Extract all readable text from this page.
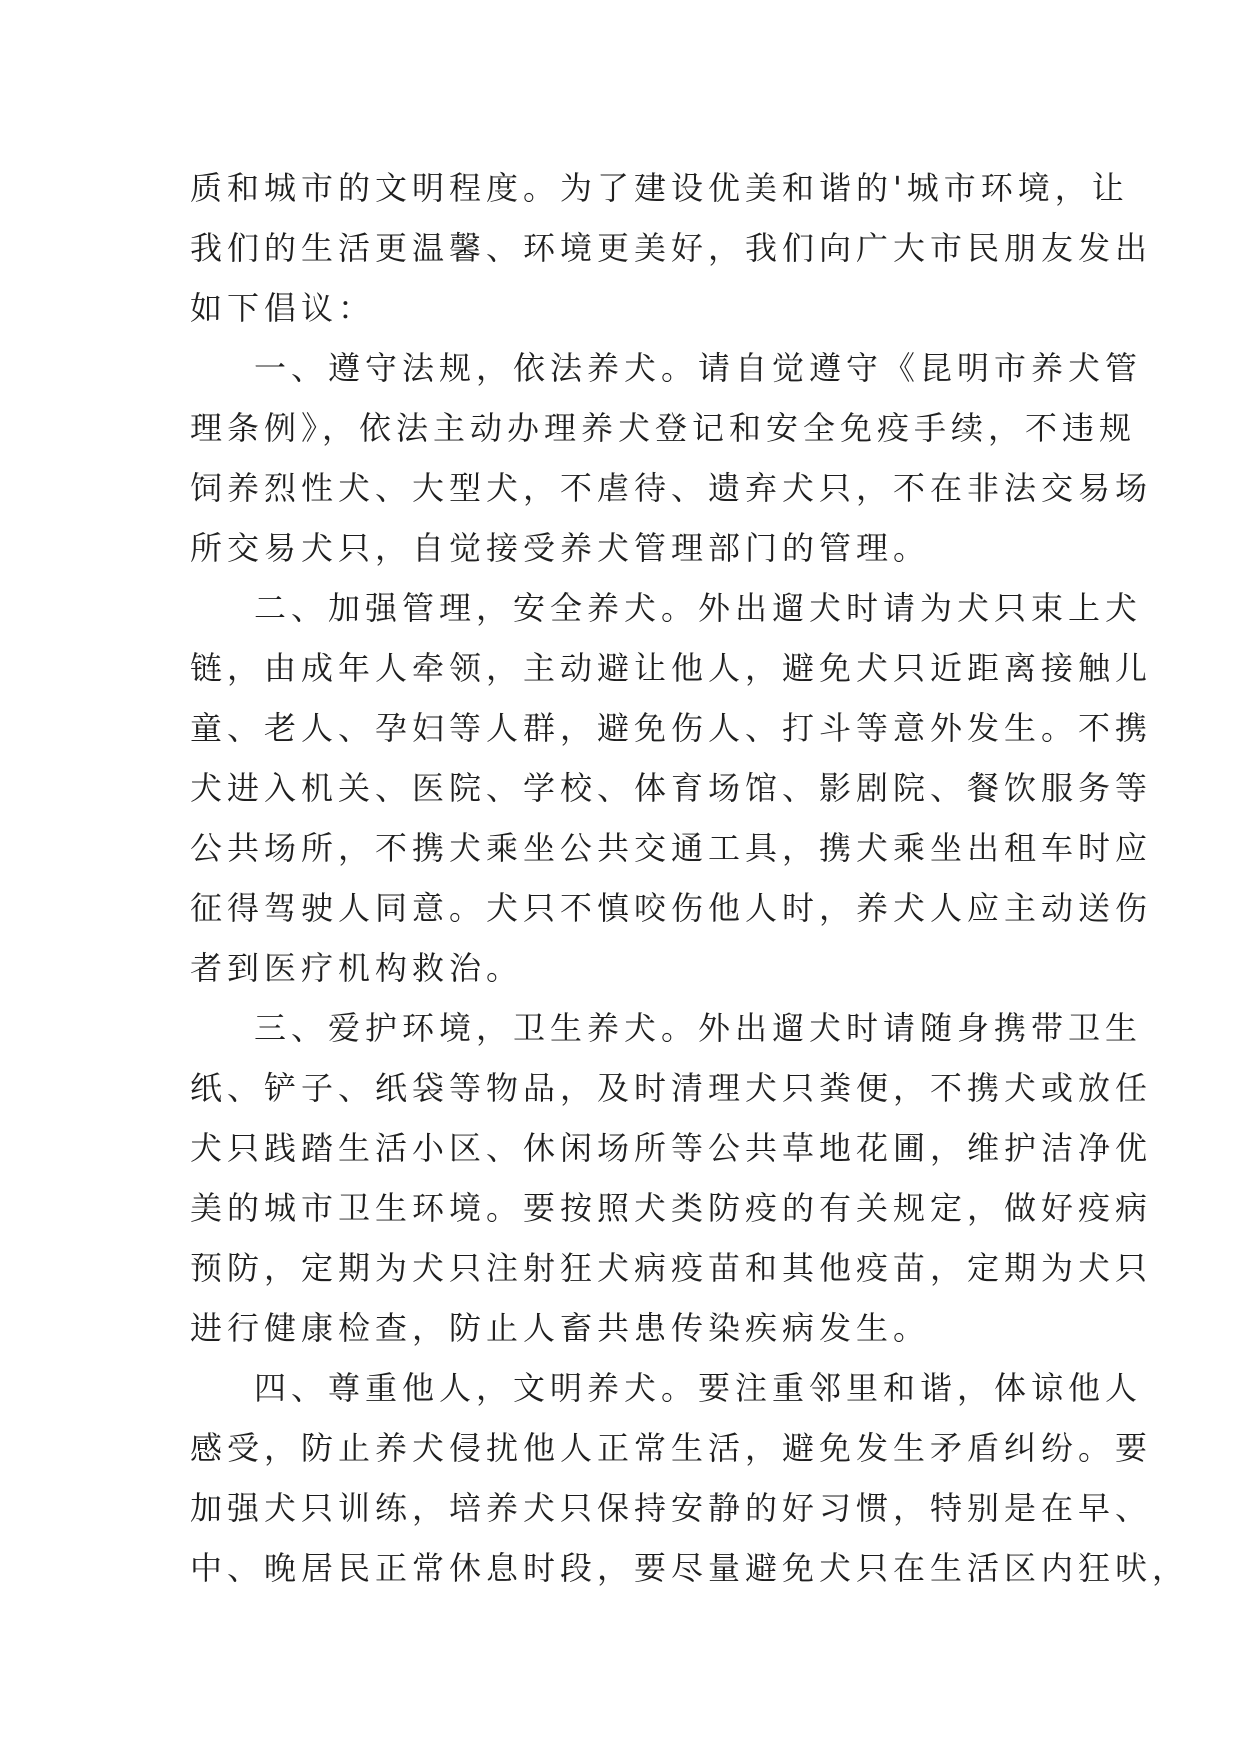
质和城市的文明程度。为了建设优美和谐的'城市环境，让
我们的生活更温馨、环境更美好，我们向广大市民朋友发出
如下倡议：
一、遵守法规，依法养犬。请自觉遵守《昆明市养犬管
理条例》，依法主动办理养犬登记和安全免疫手续，不违规
饲养烈性犬、大型犬，不虐待、遗弃犬只，不在非法交易场
所交易犬只，自觉接受养犬管理部门的管理。
二、加强管理，安全养犬。外出遛犬时请为犬只束上犬
链，由成年人牵领，主动避让他人，避免犬只近距离接触儿
童、老人、孕妇等人群，避免伤人、打斗等意外发生。不携
犬进入机关、医院、学校、体育场馆、影剧院、餐饮服务等
公共场所，不携犬乘坐公共交通工具，携犬乘坐出租车时应
征得驾驶人同意。犬只不慎咬伤他人时，养犬人应主动送伤
者到医疗机构救治。
三、爱护环境，卫生养犬。外出遛犬时请随身携带卫生
纸、铲子、纸袋等物品，及时清理犬只粪便，不携犬或放任
犬只践踏生活小区、休闲场所等公共草地花圃，维护洁净优
美的城市卫生环境。要按照犬类防疫的有关规定，做好疫病
预防，定期为犬只注射狂犬病疫苗和其他疫苗，定期为犬只
进行健康检查，防止人畜共患传染疾病发生。
四、尊重他人，文明养犬。要注重邻里和谐，体谅他人
感受，防止养犬侵扰他人正常生活，避免发生矛盾纠纷。要
加强犬只训练，培养犬只保持安静的好习惯，特别是在早、
中、晚居民正常休息时段，要尽量避免犬只在生活区内狂吠，
